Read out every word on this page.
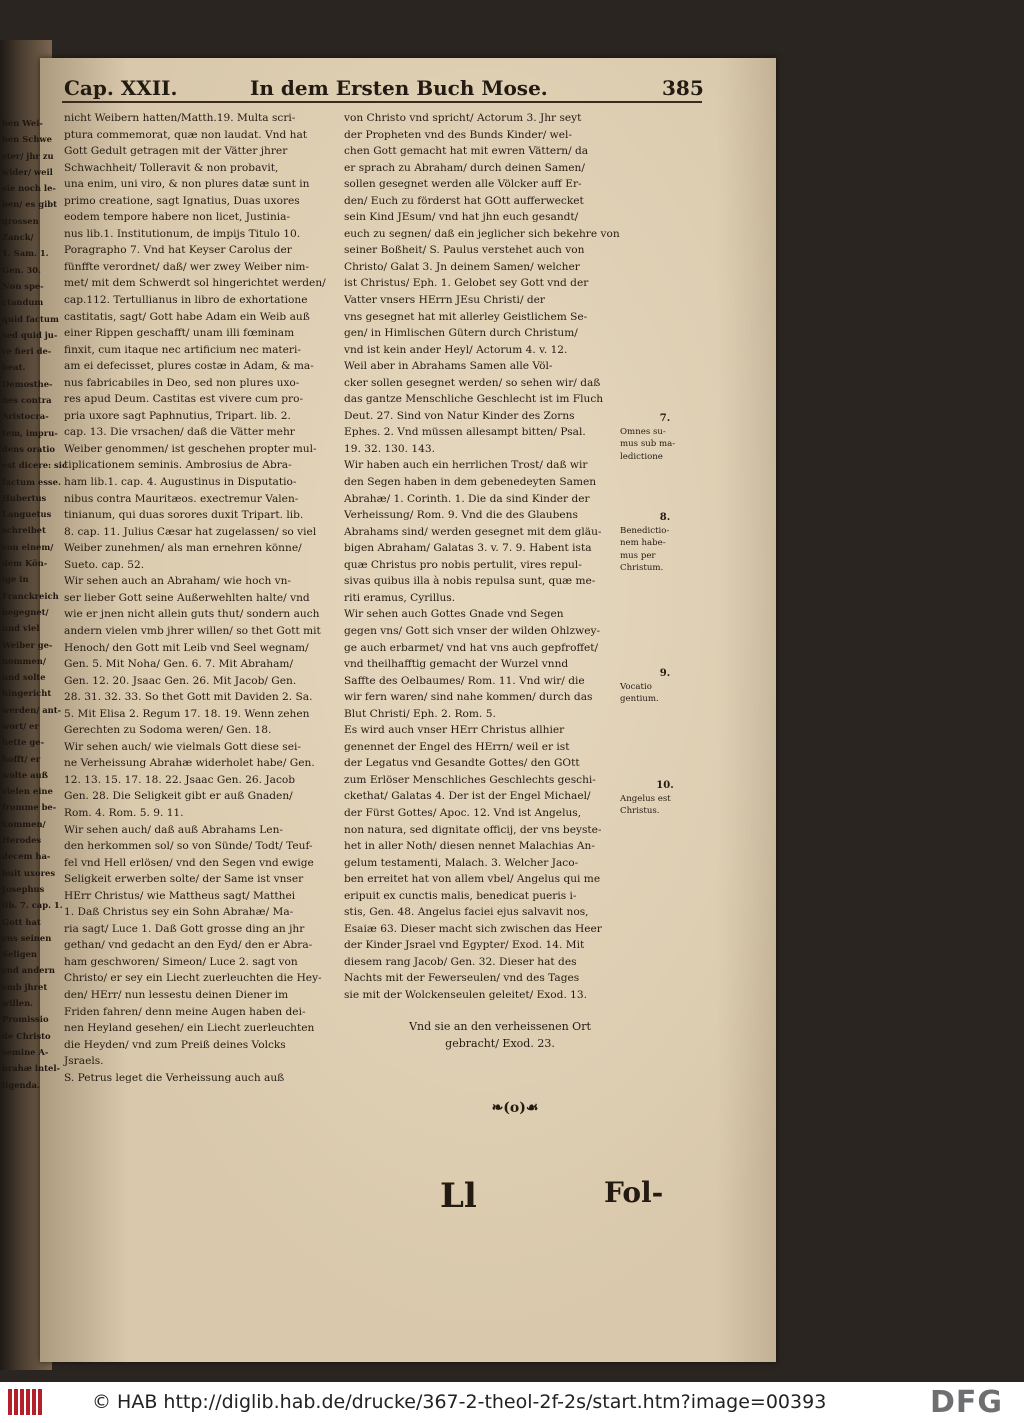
Cap. XXII.	In dem Ersten Buch Mose.	385
ben Wei-
ben Schwe
ster/ jhr zu
wider/ weil
sie noch le-
ben/ es gibt
grossen
Zanck/
1. Sam. 1.
Gen. 30.
Non spe-
ctandum
quid factum
sed quid ju-
re fieri de-
beat.
Demosthe-
nes contra
Aristocra-
tem, impru-
dens oratio
est dicere: sic
factum esse.
Hubertus
Languetus
schreibet
von einem/
dem Kön-
ige in
Franckreich
begegnet/
und viel
Weiber ge-
nommen/
und solte
hingericht
werden/ ant-
wort/ er
hette ge-
hofft/ er
wolte auß
vielen eine
fromme be-
kommen/
Herodes
decem ha-
buit uxores
Josephus
lib. 7. cap. 1.
Gott hat
vns seinen
Seligen
vnd andern
vmb jhret
willen.
Promissio
de Christo
semine A-
brahæ intel-
ligenda.
nicht Weibern hatten/Matth.19. Multa scri-
ptura commemorat, quæ non laudat. Vnd hat
Gott Gedult getragen mit der Vätter jhrer
Schwachheit/ Tolleravit & non probavit,
una enim, uni viro, & non plures datæ sunt in
primo creatione, sagt Ignatius, Duas uxores
eodem tempore habere non licet, Justinia-
nus lib.1. Institutionum, de impijs Titulo 10.
Poragrapho 7. Vnd hat Keyser Carolus der
fünffte verordnet/ daß/ wer zwey Weiber nim-
met/ mit dem Schwerdt sol hingerichtet werden/
cap.112. Tertullianus in libro de exhortatione
castitatis, sagt/ Gott habe Adam ein Weib auß
einer Rippen geschafft/ unam illi fœminam
finxit, cum itaque nec artificium nec materi-
am ei defecisset, plures costæ in Adam, & ma-
nus fabricabiles in Deo, sed non plures uxo-
res apud Deum. Castitas est vivere cum pro-
pria uxore sagt Paphnutius, Tripart. lib. 2.
cap. 13. Die vrsachen/ daß die Vätter mehr
Weiber genommen/ ist geschehen propter mul-
tiplicationem seminis. Ambrosius de Abra-
ham lib.1. cap. 4. Augustinus in Disputatio-
nibus contra Mauritæos. exectremur Valen-
tinianum, qui duas sorores duxit Tripart. lib.
8. cap. 11. Julius Cæsar hat zugelassen/ so viel
Weiber zunehmen/ als man ernehren könne/
Sueto. cap. 52.
Wir sehen auch an Abraham/ wie hoch vn-
ser lieber Gott seine Außerwehlten halte/ vnd
wie er jnen nicht allein guts thut/ sondern auch
andern vielen vmb jhrer willen/ so thet Gott mit
Henoch/ den Gott mit Leib vnd Seel wegnam/
Gen. 5. Mit Noha/ Gen. 6. 7. Mit Abraham/
Gen. 12. 20. Jsaac Gen. 26. Mit Jacob/ Gen.
28. 31. 32. 33. So thet Gott mit Daviden 2. Sa.
5. Mit Elisa 2. Regum 17. 18. 19. Wenn zehen
Gerechten zu Sodoma weren/ Gen. 18.
Wir sehen auch/ wie vielmals Gott diese sei-
ne Verheissung Abrahæ widerholet habe/ Gen.
12. 13. 15. 17. 18. 22. Jsaac Gen. 26. Jacob
Gen. 28. Die Seligkeit gibt er auß Gnaden/
Rom. 4. Rom. 5. 9. 11.
Wir sehen auch/ daß auß Abrahams Len-
den herkommen sol/ so von Sünde/ Todt/ Teuf-
fel vnd Hell erlösen/ vnd den Segen vnd ewige
Seligkeit erwerben solte/ der Same ist vnser
HErr Christus/ wie Mattheus sagt/ Matthei
1. Daß Christus sey ein Sohn Abrahæ/ Ma-
ria sagt/ Luce 1. Daß Gott grosse ding an jhr
gethan/ vnd gedacht an den Eyd/ den er Abra-
ham geschworen/ Simeon/ Luce 2. sagt von
Christo/ er sey ein Liecht zuerleuchten die Hey-
den/ HErr/ nun lessestu deinen Diener im
Friden fahren/ denn meine Augen haben dei-
nen Heyland gesehen/ ein Liecht zuerleuchten
die Heyden/ vnd zum Preiß deines Volcks
Jsraels.
S. Petrus leget die Verheissung auch auß
von Christo vnd spricht/ Actorum 3. Jhr seyt
der Propheten vnd des Bunds Kinder/ wel-
chen Gott gemacht hat mit ewren Vättern/ da
er sprach zu Abraham/ durch deinen Samen/
sollen gesegnet werden alle Völcker auff Er-
den/ Euch zu förderst hat GOtt aufferwecket
sein Kind JEsum/ vnd hat jhn euch gesandt/
euch zu segnen/ daß ein jeglicher sich bekehre von
seiner Boßheit/ S. Paulus verstehet auch von
Christo/ Galat 3. Jn deinem Samen/ welcher
ist Christus/ Eph. 1. Gelobet sey Gott vnd der
Vatter vnsers HErrn JEsu Christi/ der
vns gesegnet hat mit allerley Geistlichem Se-
gen/ in Himlischen Gütern durch Christum/
vnd ist kein ander Heyl/ Actorum 4. v. 12.
Weil aber in Abrahams Samen alle Völ-
cker sollen gesegnet werden/ so sehen wir/ daß
das gantze Menschliche Geschlecht ist im Fluch
Deut. 27. Sind von Natur Kinder des Zorns
Ephes. 2. Vnd müssen allesampt bitten/ Psal.
19. 32. 130. 143.
Wir haben auch ein herrlichen Trost/ daß wir
den Segen haben in dem gebenedeyten Samen
Abrahæ/ 1. Corinth. 1. Die da sind Kinder der
Verheissung/ Rom. 9. Vnd die des Glaubens
Abrahams sind/ werden gesegnet mit dem gläu-
bigen Abraham/ Galatas 3. v. 7. 9. Habent ista
quæ Christus pro nobis pertulit, vires repul-
sivas quibus illa à nobis repulsa sunt, quæ me-
riti eramus, Cyrillus.
Wir sehen auch Gottes Gnade vnd Segen
gegen vns/ Gott sich vnser der wilden Ohlzwey-
ge auch erbarmet/ vnd hat vns auch gepfroffet/
vnd theilhafftig gemacht der Wurzel vnnd
Saffte des Oelbaumes/ Rom. 11. Vnd wir/ die
wir fern waren/ sind nahe kommen/ durch das
Blut Christi/ Eph. 2. Rom. 5.
Es wird auch vnser HErr Christus allhier
genennet der Engel des HErrn/ weil er ist
der Legatus vnd Gesandte Gottes/ den GOtt
zum Erlöser Menschliches Geschlechts geschi-
ckethat/ Galatas 4. Der ist der Engel Michael/
der Fürst Gottes/ Apoc. 12. Vnd ist Angelus,
non natura, sed dignitate officij, der vns beyste-
het in aller Noth/ diesen nennet Malachias An-
gelum testamenti, Malach. 3. Welcher Jaco-
ben erreitet hat von allem vbel/ Angelus qui me
eripuit ex cunctis malis, benedicat pueris i-
stis, Gen. 48. Angelus faciei ejus salvavit nos,
Esaiæ 63. Dieser macht sich zwischen das Heer
der Kinder Jsrael vnd Egypter/ Exod. 14. Mit
diesem rang Jacob/ Gen. 32. Dieser hat des
Nachts mit der Fewerseulen/ vnd des Tages
sie mit der Wolckenseulen geleitet/ Exod. 13.
7.
Omnes su-
mus sub ma-
ledictione
8.
Benedictio-
nem habe-
mus per
Christum.
9.
Vocatio
gentium.
10.
Angelus est
Christus.
Vnd sie an den verheissenen Ort
gebracht/ Exod. 23.
❧(o)☙
Ll	Fol-
© HAB http://diglib.hab.de/drucke/367-2-theol-2f-2s/start.htm?image=00393	DFG
